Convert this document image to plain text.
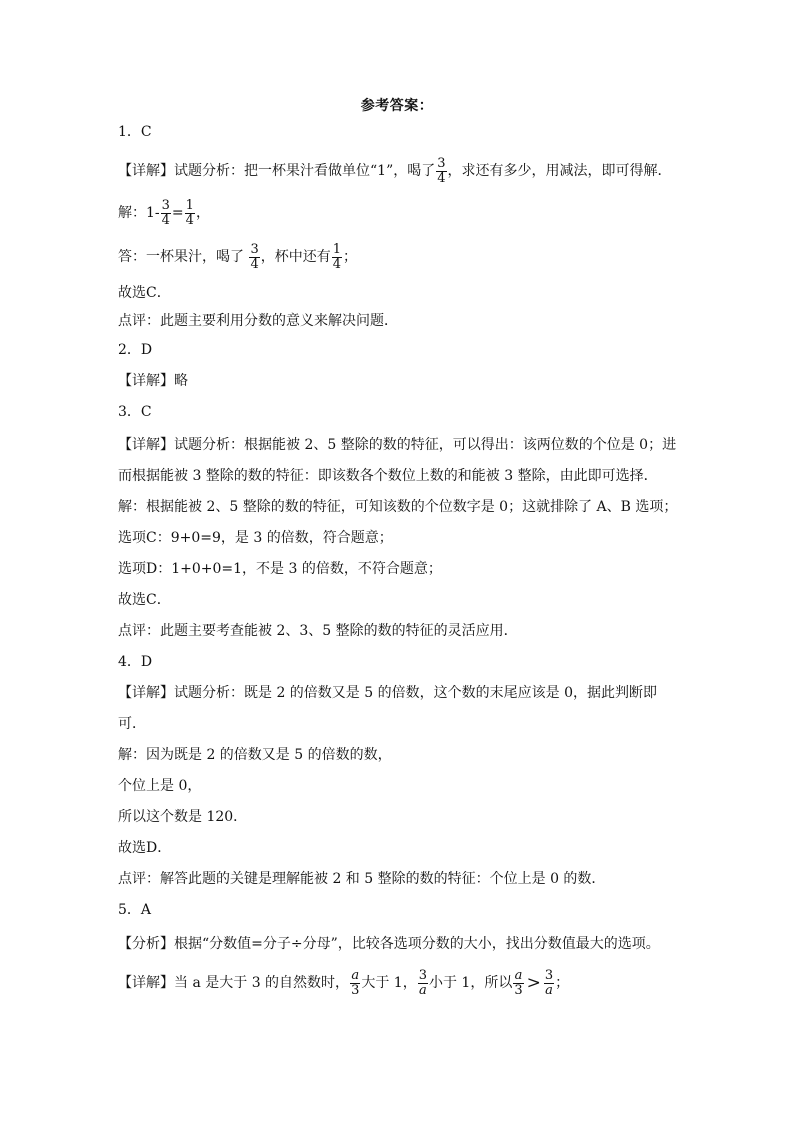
参考答案：
1．C
【详解】试题分析：把一杯果汁看做单位“1”，喝了 $\frac{3}{4}$ ，求还有多少，用减法，即可得解．
解：$1- \frac{3}{4} = \frac{1}{4}$ ，
答：一杯果汁，喝了 $\frac{3}{4}$ ，杯中还有 $\frac{1}{4}$ ；
故选C．
点评：此题主要利用分数的意义来解决问题．
2．D
【详解】略
3．C
【详解】试题分析：根据能被 2、5 整除的数的特征，可以得出：该两位数的个位是 0；进
而根据能被 3 整除的数的特征：即该数各个数位上数的和能被 3 整除，由此即可选择．
解：根据能被 2、5 整除的数的特征，可知该数的个位数字是 0；这就排除了 A、B 选项；
选项C：9+0=9，是 3 的倍数，符合题意；
选项D：1+0+0=1，不是 3 的倍数，不符合题意；
故选C．
点评：此题主要考查能被 2、3、5 整除的数的特征的灵活应用．
4．D
【详解】试题分析：既是 2 的倍数又是 5 的倍数，这个数的末尾应该是 0，据此判断即
可．
解：因为既是 2 的倍数又是 5 的倍数的数，
个位上是 0，
所以这个数是 120．
故选D．
点评：解答此题的关键是理解能被 2 和 5 整除的数的特征：个位上是 0 的数．
5．A
【分析】根据“分数值=分子÷分母”，比较各选项分数的大小，找出分数值最大的选项。
【详解】当 a 是大于 3 的自然数时， $\frac{a}{3}$ 大于 1， $\frac{3}{a}$ 小于 1，所以 $\frac{a}{3} > \frac{3}{a}$ ；
